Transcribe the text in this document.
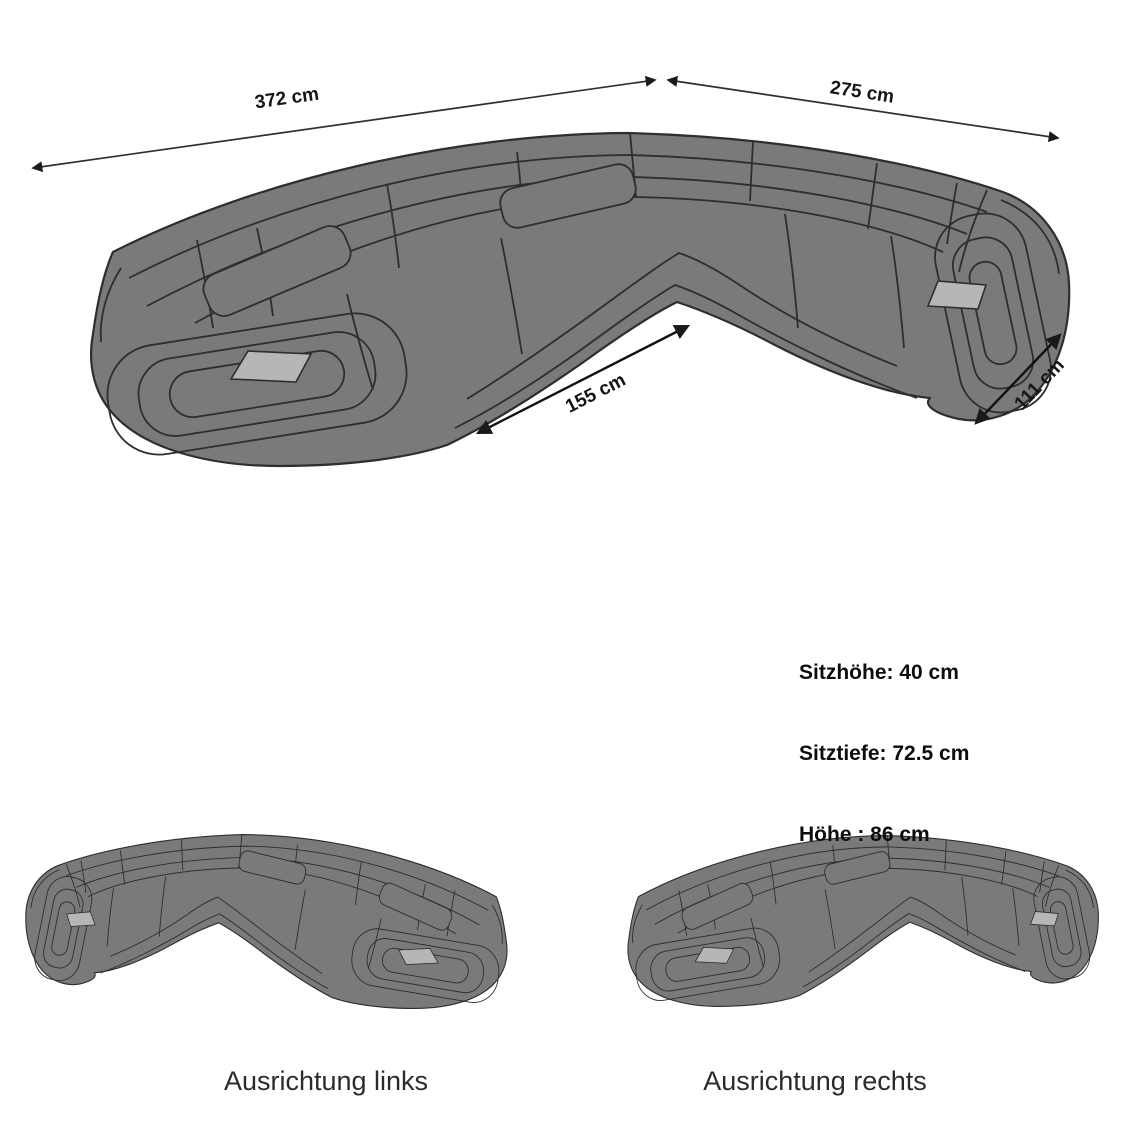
372 cm	275 cm
155 cm	111 cm

Sitzhöhe: 40 cm

Sitztiefe: 72.5 cm

Höhe : 86 cm

Ausrichtung links	Ausrichtung rechts
